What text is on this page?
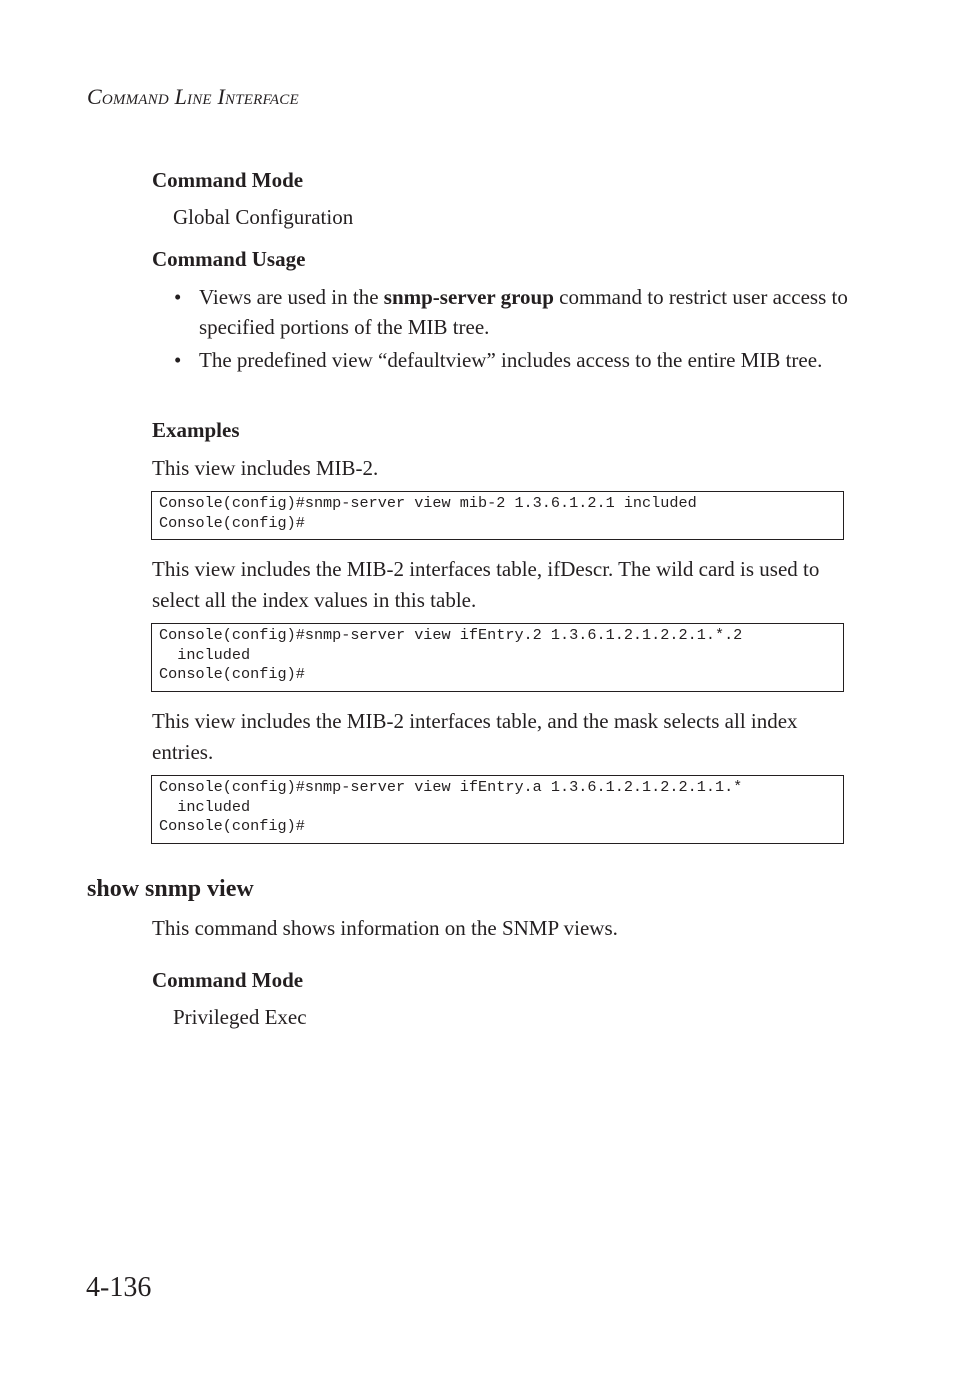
Command Line Interface
Command Mode
Global Configuration
Command Usage
• Views are used in the snmp-server group command to restrict user access to specified portions of the MIB tree.
• The predefined view “defaultview” includes access to the entire MIB tree.
Examples
This view includes MIB-2.
Console(config)#snmp-server view mib-2 1.3.6.1.2.1 included
Console(config)#
This view includes the MIB-2 interfaces table, ifDescr. The wild card is used to select all the index values in this table.
Console(config)#snmp-server view ifEntry.2 1.3.6.1.2.1.2.2.1.*.2
included
Console(config)#
This view includes the MIB-2 interfaces table, and the mask selects all index entries.
Console(config)#snmp-server view ifEntry.a 1.3.6.1.2.1.2.2.1.1.*
included
Console(config)#
show snmp view
This command shows information on the SNMP views.
Command Mode
Privileged Exec
4-136
